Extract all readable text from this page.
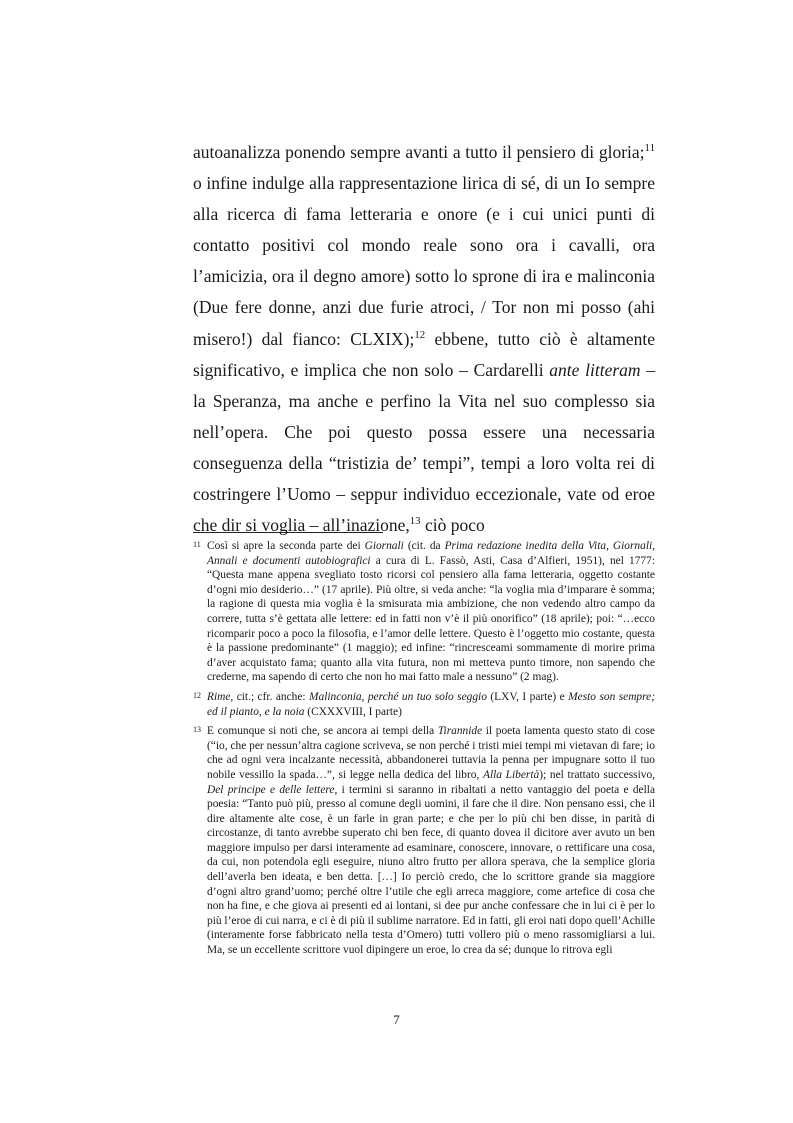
autoanalizza ponendo sempre avanti a tutto il pensiero di gloria;$^{11}$ o infine indulge alla rappresentazione lirica di sé, di un Io sempre alla ricerca di fama letteraria e onore (e i cui unici punti di contatto positivi col mondo reale sono ora i cavalli, ora l’amicizia, ora il degno amore) sotto lo sprone di ira e malinconia (Due fere donne, anzi due furie atroci, / Tor non mi posso (ahi misero!) dal fianco: CLXIX);$^{12}$ ebbene, tutto ciò è altamente significativo, e implica che non solo – Cardarelli ante litteram – la Speranza, ma anche e perfino la Vita nel suo complesso sia nell’opera. Che poi questo possa essere una necessaria conseguenza della “tristizia de’ tempi”, tempi a loro volta rei di costringere l’Uomo – seppur individuo eccezionale, vate od eroe che dir si voglia – all’inazione,$^{13}$ ciò poco

11 Così si apre la seconda parte dei Giornali (cit. da Prima redazione inedita della Vita, Giornali, Annali e documenti autobiografici a cura di L. Fassò, Asti, Casa d’Alfieri, 1951), nel 1777: “Questa mane appena svegliato tosto ricorsi col pensiero alla fama letteraria, oggetto costante d’ogni mio desiderio…” (17 aprile). Più oltre, si veda anche: “la voglia mia d’imparare è somma; la ragione di questa mia voglia è la smisurata mia ambizione, che non vedendo altro campo da correre, tutta s’è gettata alle lettere: ed in fatti non v’è il più onorifico” (18 aprile); poi: “…ecco ricomparir poco a poco la filosofia, e l’amor delle lettere. Questo è l’oggetto mio costante, questa è la passione predominante” (1 maggio); ed infine: “rincresceami sommamente di morire prima d’aver acquistato fama; quanto alla vita futura, non mi metteva punto timore, non sapendo che crederne, ma sapendo di certo che non ho mai fatto male a nessuno” (2 mag).

12 Rime, cit.; cfr. anche: Malinconia, perché un tuo solo seggio (LXV, I parte) e Mesto son sempre; ed il pianto, e la noia (CXXXVIII, I parte)

13 E comunque si noti che, se ancora ai tempi della Tirannide il poeta lamenta questo stato di cose (“io, che per nessun’altra cagione scriveva, se non perché i tristi miei tempi mi vietavan di fare; io che ad ogni vera incalzante necessità, abbandonerei tuttavia la penna per impugnare sotto il tuo nobile vessillo la spada…”, si legge nella dedica del libro, Alla Libertà); nel trattato successivo, Del principe e delle lettere, i termini si saranno in ribaltati a netto vantaggio del poeta e della poesia: “Tanto può più, presso al comune degli uomini, il fare che il dire. Non pensano essi, che il dire altamente alte cose, è un farle in gran parte; e che per lo più chi ben disse, in parità di circostanze, di tanto avrebbe superato chi ben fece, di quanto dovea il dicitore aver avuto un ben maggiore impulso per darsi interamente ad esaminare, conoscere, innovare, o rettificare una cosa, da cui, non potendola egli eseguire, niuno altro frutto per allora sperava, che la semplice gloria dell’averla ben ideata, e ben detta. […] Io perciò credo, che lo scrittore grande sia maggiore d’ogni altro grand’uomo; perché oltre l’utile che egli arreca maggiore, come artefice di cosa che non ha fine, e che giova ai presenti ed ai lontani, si dee pur anche confessare che in lui ci è per lo più l’eroe di cui narra, e ci è di più il sublime narratore. Ed in fatti, gli eroi nati dopo quell’Achille (interamente forse fabbricato nella testa d’Omero) tutti vollero più o meno rassomigliarsi a lui. Ma, se un eccellente scrittore vuol dipingere un eroe, lo crea da sé; dunque lo ritrova egli

7
